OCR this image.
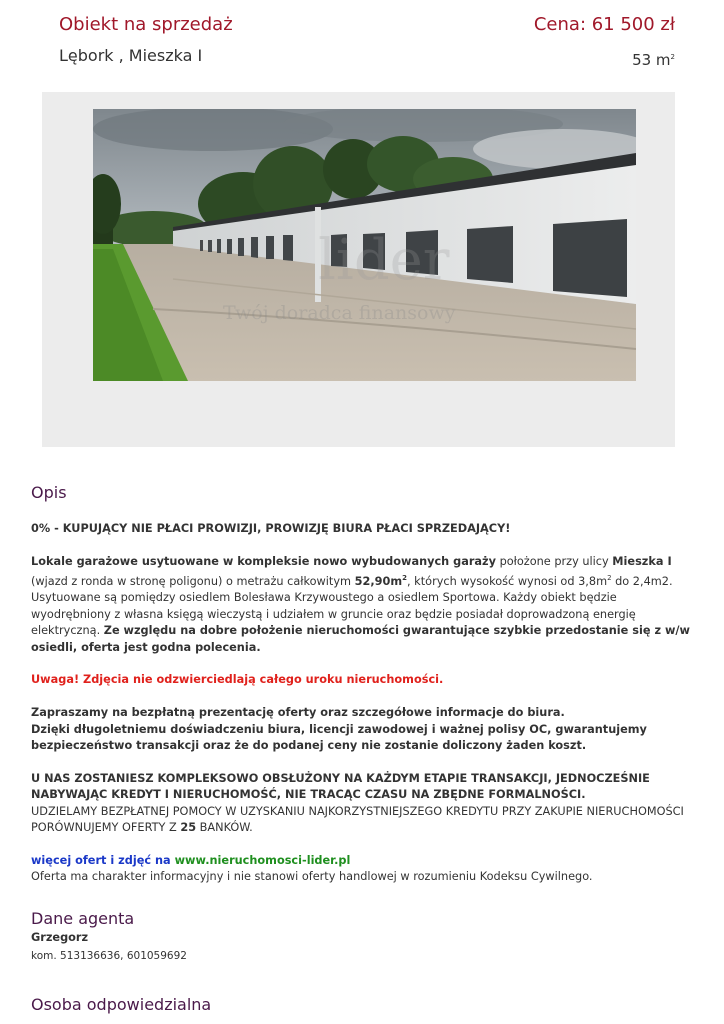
Obiekt na sprzedaż
Lębork , Mieszka I
Cena: 61 500 zł
53 $m^2$
lider
Twój doradca finansowy
Opis

0% - KUPUJĄCY NIE PŁACI PROWIZJI, PROWIZJĘ BIURA PŁACI SPRZEDAJĄCY!

Lokale garażowe usytuowane w kompleksie nowo wybudowanych garaży położone przy ulicy Mieszka I (wjazd z ronda w stronę poligonu) o metrażu całkowitym $52,90m^2$, których wysokość wynosi od $3,8m^2$ do 2,4m2. Usytuowane są pomiędzy osiedlem Bolesława Krzywoustego a osiedlem Sportowa. Każdy obiekt będzie wyodrębniony z własna księgą wieczystą i udziałem w gruncie oraz będzie posiadał doprowadzoną energię elektryczną. Ze względu na dobre położenie nieruchomości gwarantujące szybkie przedostanie się z w/w osiedli, oferta jest godna polecenia.

Uwaga! Zdjęcia nie odzwierciedlają całego uroku nieruchomości.

Zapraszamy na bezpłatną prezentację oferty oraz szczegółowe informacje do biura.
Dzięki długoletniemu doświadczeniu biura, licencji zawodowej i ważnej polisy OC, gwarantujemy bezpieczeństwo transakcji oraz że do podanej ceny nie zostanie doliczony żaden koszt.

U NAS ZOSTANIESZ KOMPLEKSOWO OBSŁUŻONY NA KAŻDYM ETAPIE TRANSAKCJI, JEDNOCZEŚNIE NABYWAJĄC KREDYT I NIERUCHOMOŚĆ, NIE TRACĄC CZASU NA ZBĘDNE FORMALNOŚCI.
UDZIELAMY BEZPŁATNEJ POMOCY W UZYSKANIU NAJKORZYSTNIEJSZEGO KREDYTU PRZY ZAKUPIE NIERUCHOMOŚCI PORÓWNUJEMY OFERTY Z 25 BANKÓW.

więcej ofert i zdjęć na www.nieruchomosci-lider.pl
Oferta ma charakter informacyjny i nie stanowi oferty handlowej w rozumieniu Kodeksu Cywilnego.

Dane agenta
Grzegorz
kom. 513136636, 601059692
Osoba odpowiedzialna
